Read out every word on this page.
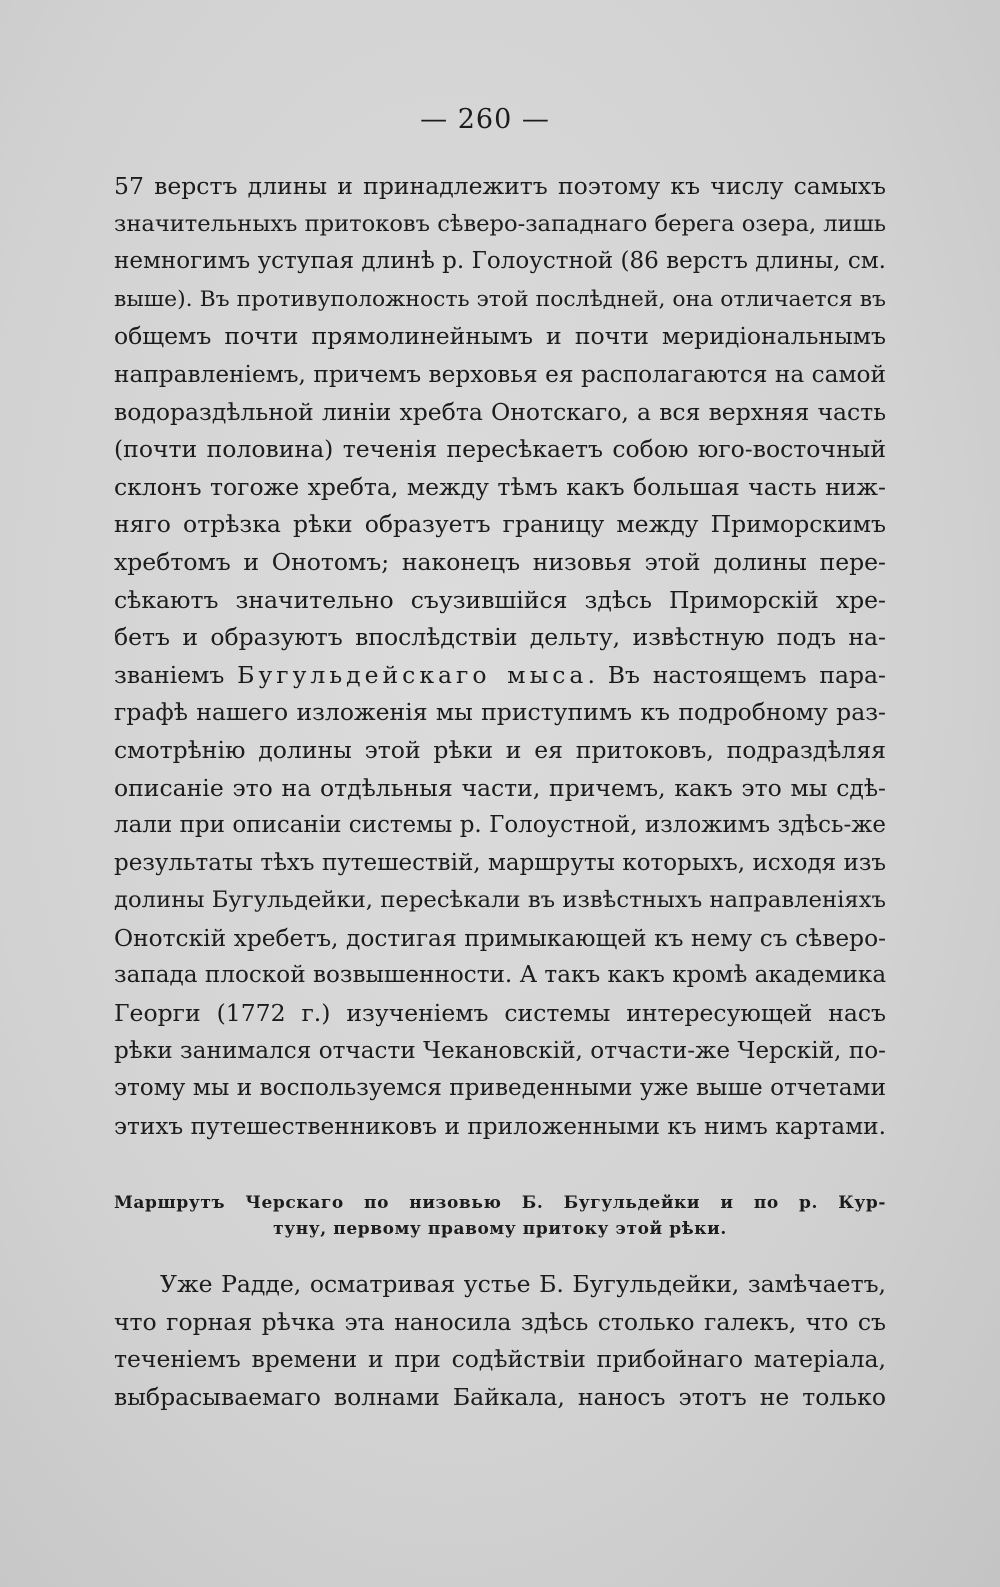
— 260 —
57 верстъ длины и принадлежитъ поэтому къ числу самыхъ
значительныхъ притоковъ сѣверо-западнаго берега озера, лишь
немногимъ уступая длинѣ р. Голоустной (86 верстъ длины, см.
выше). Въ противуположность этой послѣдней, она отличается въ
общемъ почти прямолинейнымъ и почти меридiональнымъ
направленiемъ, причемъ верховья ея располагаются на самой
водораздѣльной линiи хребта Онотскаго, а вся верхняя часть
(почти половина) теченiя пересѣкаетъ собою юго-восточный
склонъ тогоже хребта, между тѣмъ какъ большая часть ниж-
няго отрѣзка рѣки образуетъ границу между Приморскимъ
хребтомъ и Онотомъ; наконецъ низовья этой долины пере-
сѣкаютъ значительно съузившiйся здѣсь Приморскiй хре-
бетъ и образуютъ впослѣдствiи дельту, извѣстную подъ на-
званiемъ Бугульдейскаго мыса. Въ настоящемъ пара-
графѣ нашего изложенiя мы приступимъ къ подробному раз-
смотрѣнiю долины этой рѣки и ея притоковъ, подраздѣляя
описанiе это на отдѣльныя части, причемъ, какъ это мы сдѣ-
лали при описанiи системы р. Голоустной, изложимъ здѣсь-же
результаты тѣхъ путешествiй, маршруты которыхъ, исходя изъ
долины Бугульдейки, пересѣкали въ извѣстныхъ направленiяхъ
Онотскiй хребетъ, достигая примыкающей къ нему съ сѣверо-
запада плоской возвышенности. А такъ какъ кромѣ академика
Георги (1772 г.) изученiемъ системы интересующей насъ
рѣки занимался отчасти Чекановскiй, отчасти-же Черскiй, по-
этому мы и воспользуемся приведенными уже выше отчетами
этихъ путешественниковъ и приложенными къ нимъ картами.
Маршрутъ Черскаго по низовью Б. Бугульдейки и по р. Кур-
туну, первому правому притоку этой рѣки.
Уже Радде, осматривая устье Б. Бугульдейки, замѣчаетъ,
что горная рѣчка эта наносила здѣсь столько галекъ, что съ
теченiемъ времени и при содѣйствiи прибойнаго матерiала,
выбрасываемаго волнами Байкала, наносъ этотъ не только
